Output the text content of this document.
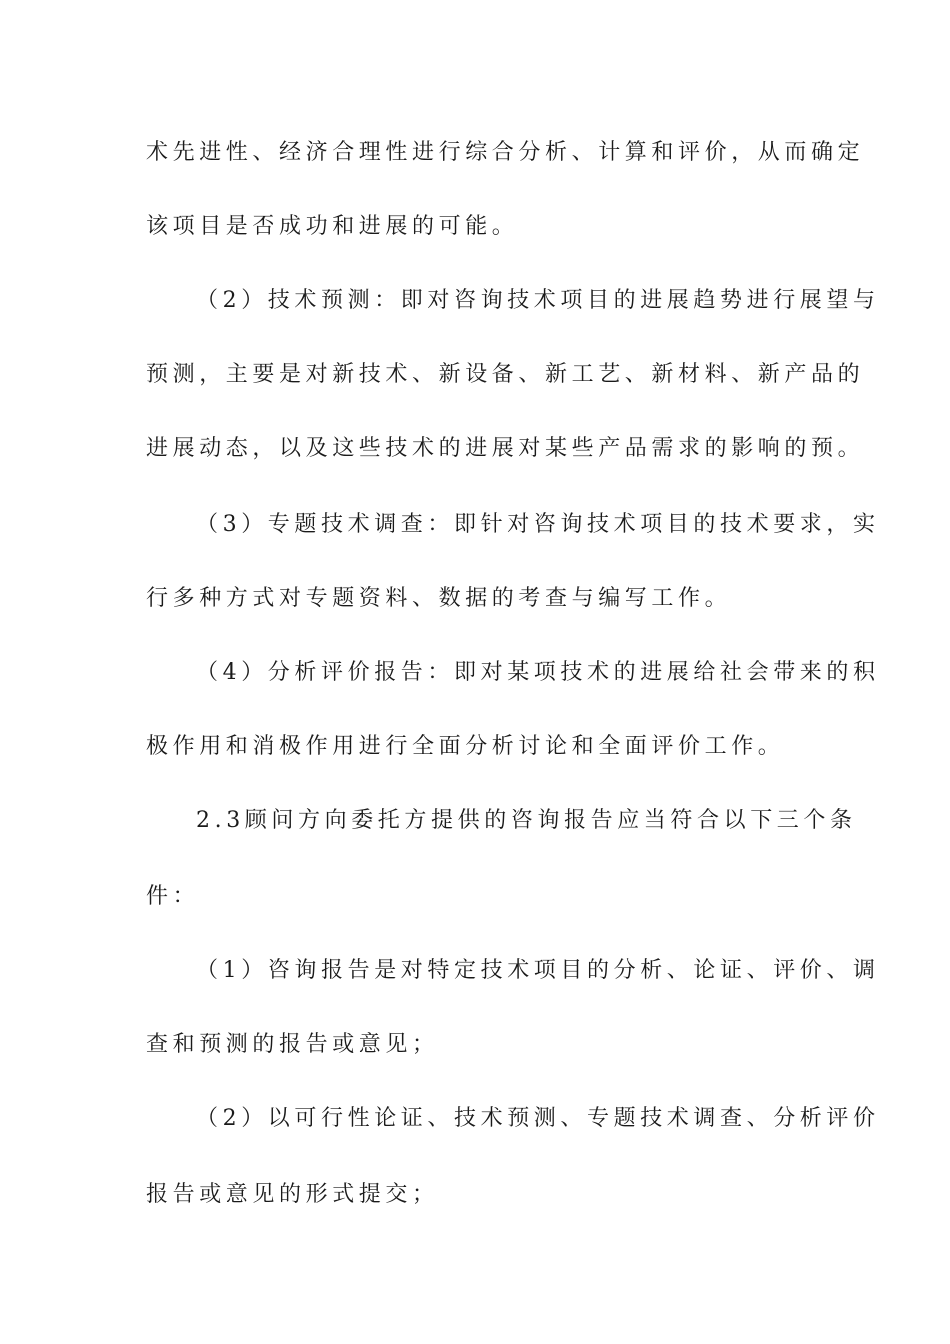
术先进性、经济合理性进行综合分析、计算和评价，从而确定
该项目是否成功和进展的可能。
（2）技术预测：即对咨询技术项目的进展趋势进行展望与
预测，主要是对新技术、新设备、新工艺、新材料、新产品的
进展动态，以及这些技术的进展对某些产品需求的影响的预。
（3）专题技术调查：即针对咨询技术项目的技术要求，实
行多种方式对专题资料、数据的考查与编写工作。
（4）分析评价报告：即对某项技术的进展给社会带来的积
极作用和消极作用进行全面分析讨论和全面评价工作。
2.3顾问方向委托方提供的咨询报告应当符合以下三个条
件：
（1）咨询报告是对特定技术项目的分析、论证、评价、调
查和预测的报告或意见；
（2）以可行性论证、技术预测、专题技术调查、分析评价
报告或意见的形式提交；
